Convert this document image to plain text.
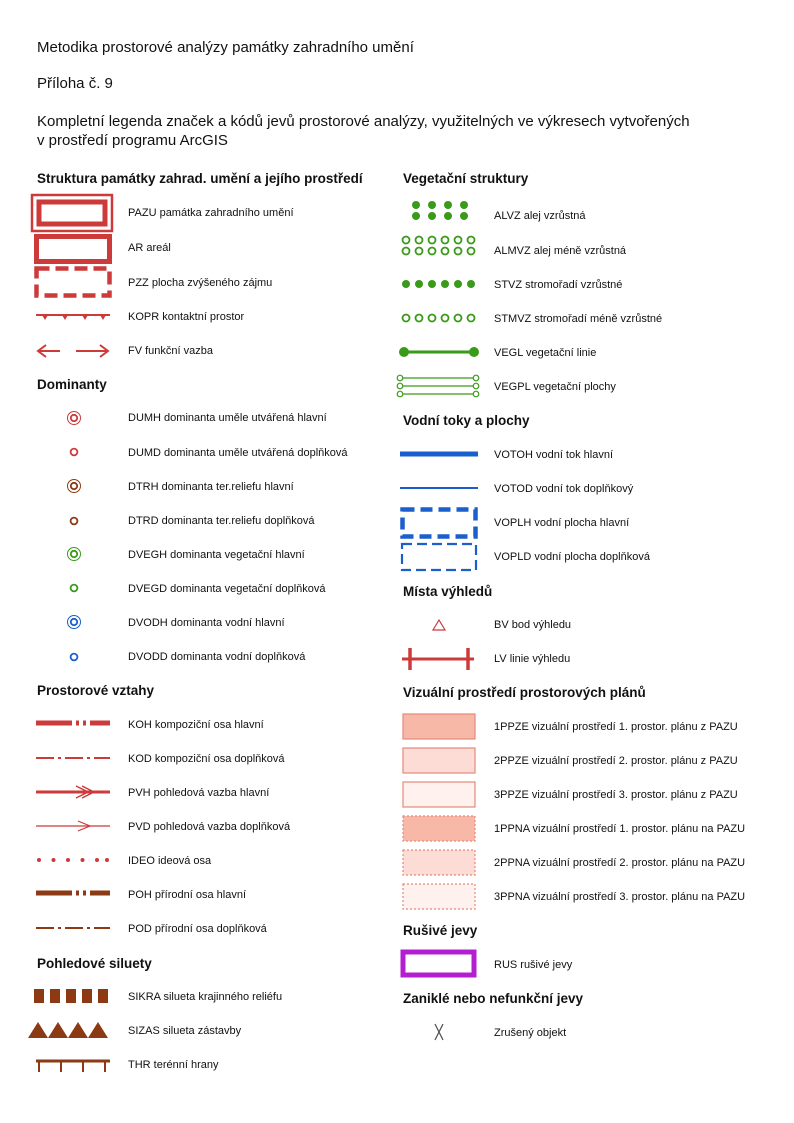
Metodika prostorové analýzy památky zahradního umění
Příloha č. 9
Kompletní legenda značek a kódů jevů prostorové analýzy, využitelných ve výkresech vytvořených
v prostředí programu ArcGIS
Struktura památky zahrad. umění a jejího prostředí
PAZU památka zahradního umění
AR areál
PZZ plocha zvýšeného zájmu
KOPR kontaktní prostor
FV funkční vazba
Dominanty
DUMH dominanta uměle utvářená hlavní
DUMD dominanta uměle utvářená doplňková
DTRH dominanta ter.reliefu hlavní
DTRD dominanta ter.reliefu doplňková
DVEGH dominanta vegetační hlavní
DVEGD dominanta vegetační doplňková
DVODH dominanta vodní hlavní
DVODD dominanta vodní doplňková
Prostorové vztahy
KOH kompoziční osa hlavní
KOD kompoziční osa doplňková
PVH pohledová vazba hlavní
PVD pohledová vazba doplňková
IDEO ideová osa
POH přírodní osa hlavní
POD přírodní osa doplňková
Pohledové siluety
SIKRA silueta krajinného reliéfu
SIZAS silueta zástavby
THR terénní hrany
Vegetační struktury
ALVZ alej vzrůstná
ALMVZ alej méně vzrůstná
STVZ stromořadí vzrůstné
STMVZ stromořadí méně vzrůstné
VEGL vegetační linie
VEGPL vegetační plochy
Vodní toky a plochy
VOTOH vodní tok hlavní
VOTOD vodní tok doplňkový
VOPLH vodní plocha hlavní
VOPLD vodní plocha doplňková
Místa výhledů
BV bod výhledu
LV linie výhledu
Vizuální prostředí prostorových plánů
1PPZE vizuální prostředí 1. prostor. plánu z PAZU
2PPZE vizuální prostředí 2. prostor. plánu z PAZU
3PPZE vizuální prostředí 3. prostor. plánu z PAZU
1PPNA vizuální prostředí 1. prostor. plánu na PAZU
2PPNA vizuální prostředí 2. prostor. plánu na PAZU
3PPNA vizuální prostředí 3. prostor. plánu na PAZU
Rušivé jevy
RUS rušivé jevy
Zaniklé nebo nefunkční jevy
Zrušený objekt
